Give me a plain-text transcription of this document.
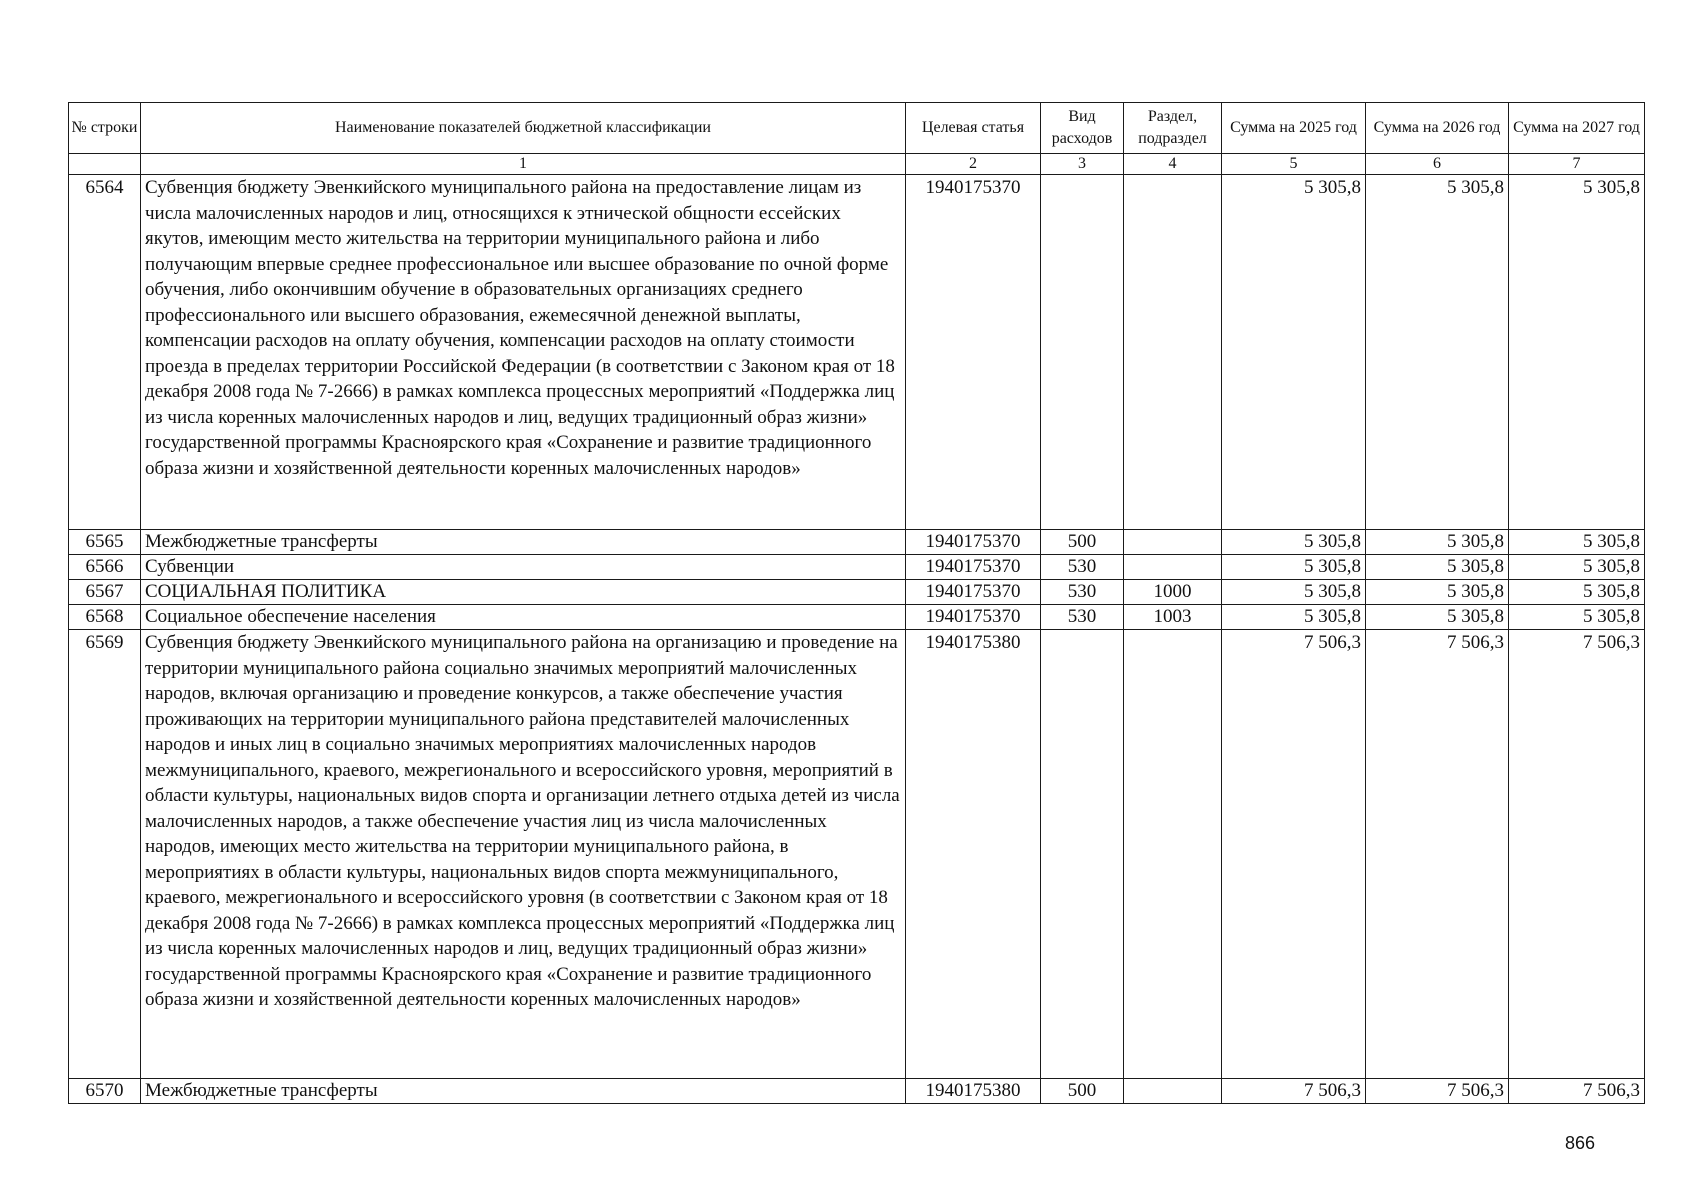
№ строки	Наименование показателей бюджетной классификации	Целевая статья	Вид расходов	Раздел, подраздел	Сумма на 2025 год	Сумма на 2026 год	Сумма на 2027 год
	1	2	3	4	5	6	7
6564	Субвенция бюджету Эвенкийского муниципального района на предоставление лицам из числа малочисленных народов и лиц, относящихся к этнической общности ессейских якутов, имеющим место жительства на территории муниципального района и либо получающим впервые среднее профессиональное или высшее образование по очной форме обучения, либо окончившим обучение в образовательных организациях среднего профессионального или высшего образования, ежемесячной денежной выплаты, компенсации расходов на оплату обучения, компенсации расходов на оплату стоимости проезда в пределах территории Российской Федерации (в соответствии с Законом края от 18 декабря 2008 года № 7-2666) в рамках комплекса процессных мероприятий «Поддержка лиц из числа коренных малочисленных народов и лиц, ведущих традиционный образ жизни» государственной программы Красноярского края «Сохранение и развитие традиционного образа жизни и хозяйственной деятельности коренных малочисленных народов»	1940175370			5 305,8	5 305,8	5 305,8
6565	Межбюджетные трансферты	1940175370	500		5 305,8	5 305,8	5 305,8
6566	Субвенции	1940175370	530		5 305,8	5 305,8	5 305,8
6567	СОЦИАЛЬНАЯ ПОЛИТИКА	1940175370	530	1000	5 305,8	5 305,8	5 305,8
6568	Социальное обеспечение населения	1940175370	530	1003	5 305,8	5 305,8	5 305,8
6569	Субвенция бюджету Эвенкийского муниципального района на организацию и проведение на территории муниципального района социально значимых мероприятий малочисленных народов, включая организацию и проведение конкурсов, а также обеспечение участия проживающих на территории муниципального района представителей малочисленных народов и иных лиц в социально значимых мероприятиях малочисленных народов межмуниципального, краевого, межрегионального и всероссийского уровня, мероприятий в области культуры, национальных видов спорта и организации летнего отдыха детей из числа малочисленных народов, а также обеспечение участия лиц из числа малочисленных народов, имеющих место жительства на территории муниципального района, в мероприятиях в области культуры, национальных видов спорта межмуниципального, краевого, межрегионального и всероссийского уровня (в соответствии с Законом края от 18 декабря 2008 года № 7-2666) в рамках комплекса процессных мероприятий «Поддержка лиц из числа коренных малочисленных народов и лиц, ведущих традиционный образ жизни» государственной программы Красноярского края «Сохранение и развитие традиционного образа жизни и хозяйственной деятельности коренных малочисленных народов»	1940175380			7 506,3	7 506,3	7 506,3
6570	Межбюджетные трансферты	1940175380	500		7 506,3	7 506,3	7 506,3
866
